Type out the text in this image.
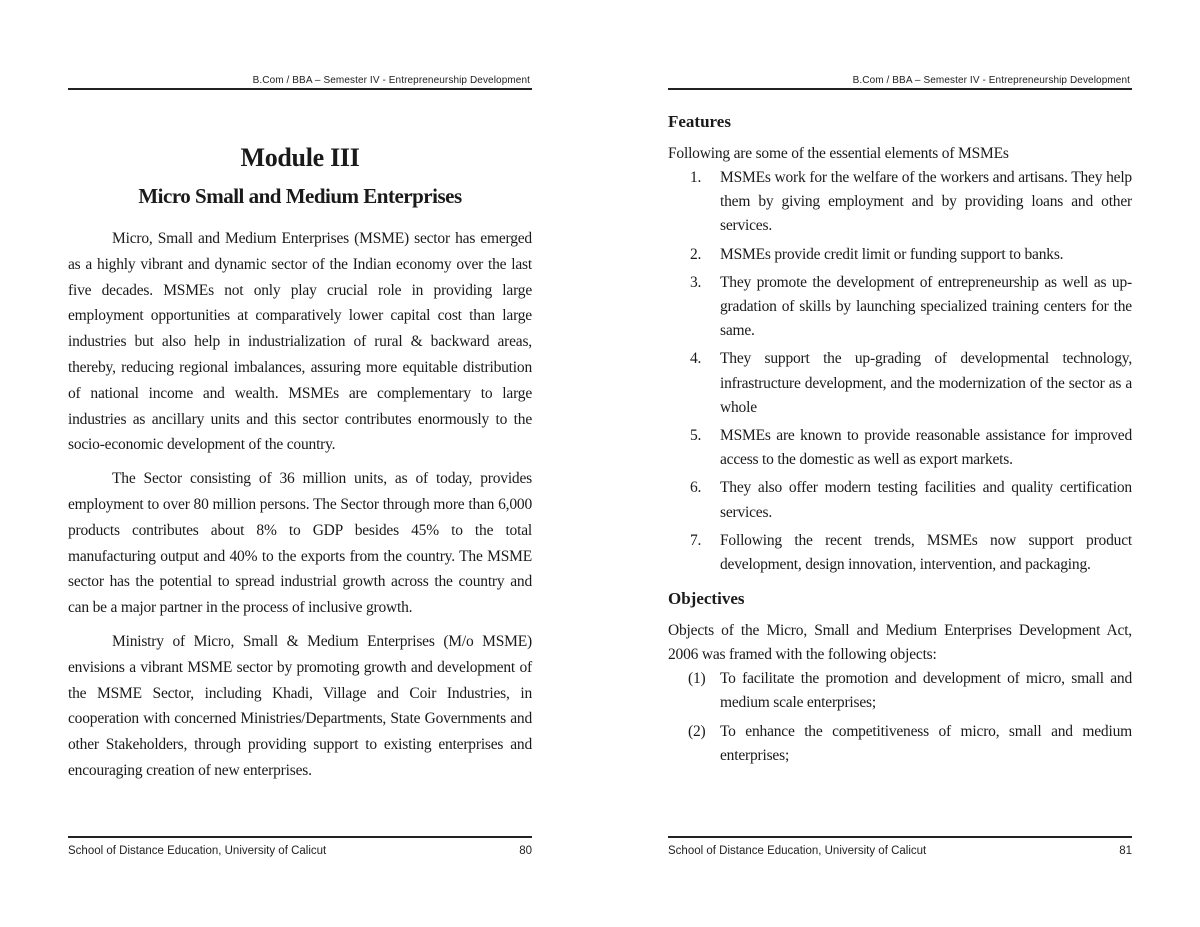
B.Com / BBA – Semester IV - Entrepreneurship Development
Module III
Micro Small and Medium Enterprises

Micro, Small and Medium Enterprises (MSME) sector has emerged as a highly vibrant and dynamic sector of the Indian economy over the last five decades. MSMEs not only play crucial role in providing large employment opportunities at comparatively lower capital cost than large industries but also help in industrialization of rural & backward areas, thereby, reducing regional imbalances, assuring more equitable distribution of national income and wealth. MSMEs are complementary to large industries as ancillary units and this sector contributes enormously to the socio-economic development of the country.

The Sector consisting of 36 million units, as of today, provides employment to over 80 million persons. The Sector through more than 6,000 products contributes about 8% to GDP besides 45% to the total manufacturing output and 40% to the exports from the country. The MSME sector has the potential to spread industrial growth across the country and can be a major partner in the process of inclusive growth.

Ministry of Micro, Small & Medium Enterprises (M/o MSME) envisions a vibrant MSME sector by promoting growth and development of the MSME Sector, including Khadi, Village and Coir Industries, in cooperation with concerned Ministries/Departments, State Governments and other Stakeholders, through providing support to existing enterprises and encouraging creation of new enterprises.

School of Distance Education, University of Calicut	80
B.Com / BBA – Semester IV - Entrepreneurship Development
Features

Following are some of the essential elements of MSMEs

1. MSMEs work for the welfare of the workers and artisans. They help them by giving employment and by providing loans and other services.
2. MSMEs provide credit limit or funding support to banks.
3. They promote the development of entrepreneurship as well as up-gradation of skills by launching specialized training centers for the same.
4. They support the up-grading of developmental technology, infrastructure development, and the modernization of the sector as a whole
5. MSMEs are known to provide reasonable assistance for improved access to the domestic as well as export markets.
6. They also offer modern testing facilities and quality certification services.
7. Following the recent trends, MSMEs now support product development, design innovation, intervention, and packaging.
Objectives

Objects of the Micro, Small and Medium Enterprises Development Act, 2006 was framed with the following objects:

(1) To facilitate the promotion and development of micro, small and medium scale enterprises;
(2) To enhance the competitiveness of micro, small and medium enterprises;
School of Distance Education, University of Calicut	81
